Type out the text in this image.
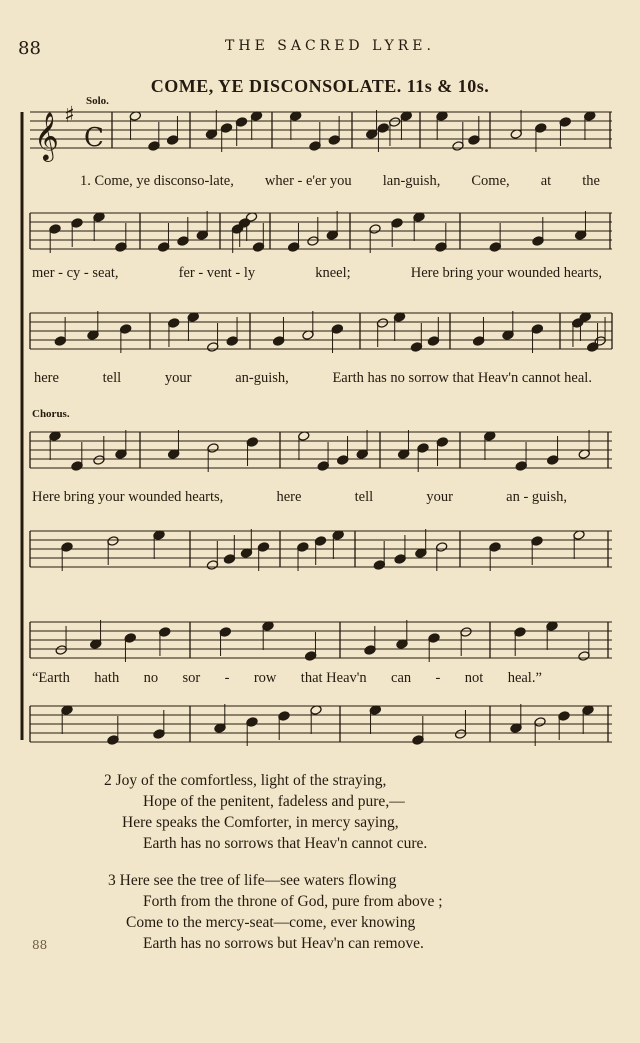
88	THE SACRED LYRE.
COME, YE DISCONSOLATE. 11s & 10s.
Solo.
Chorus.
𝄞 ♯
C
1. Come, ye disconso-late, wher - e'er you lan-guish, Come, at the
mer - cy - seat,	fer - vent - ly	kneel;	Here bring your wounded hearts,
here	tell	your	an-guish,	Earth has no sorrow that Heav'n cannot heal.
Here bring your wounded hearts,	here	tell	your	an - guish,
“Earth hath no sor - row that Heav'n can - not heal.”
2 Joy of the comfortless, light of the straying,
Hope of the penitent, fadeless and pure,—
Here speaks the Comforter, in mercy saying,
Earth has no sorrows that Heav'n cannot cure.
3 Here see the tree of life—see waters flowing
Forth from the throne of God, pure from above ;
Come to the mercy-seat—come, ever knowing
Earth has no sorrows but Heav'n can remove.
88
